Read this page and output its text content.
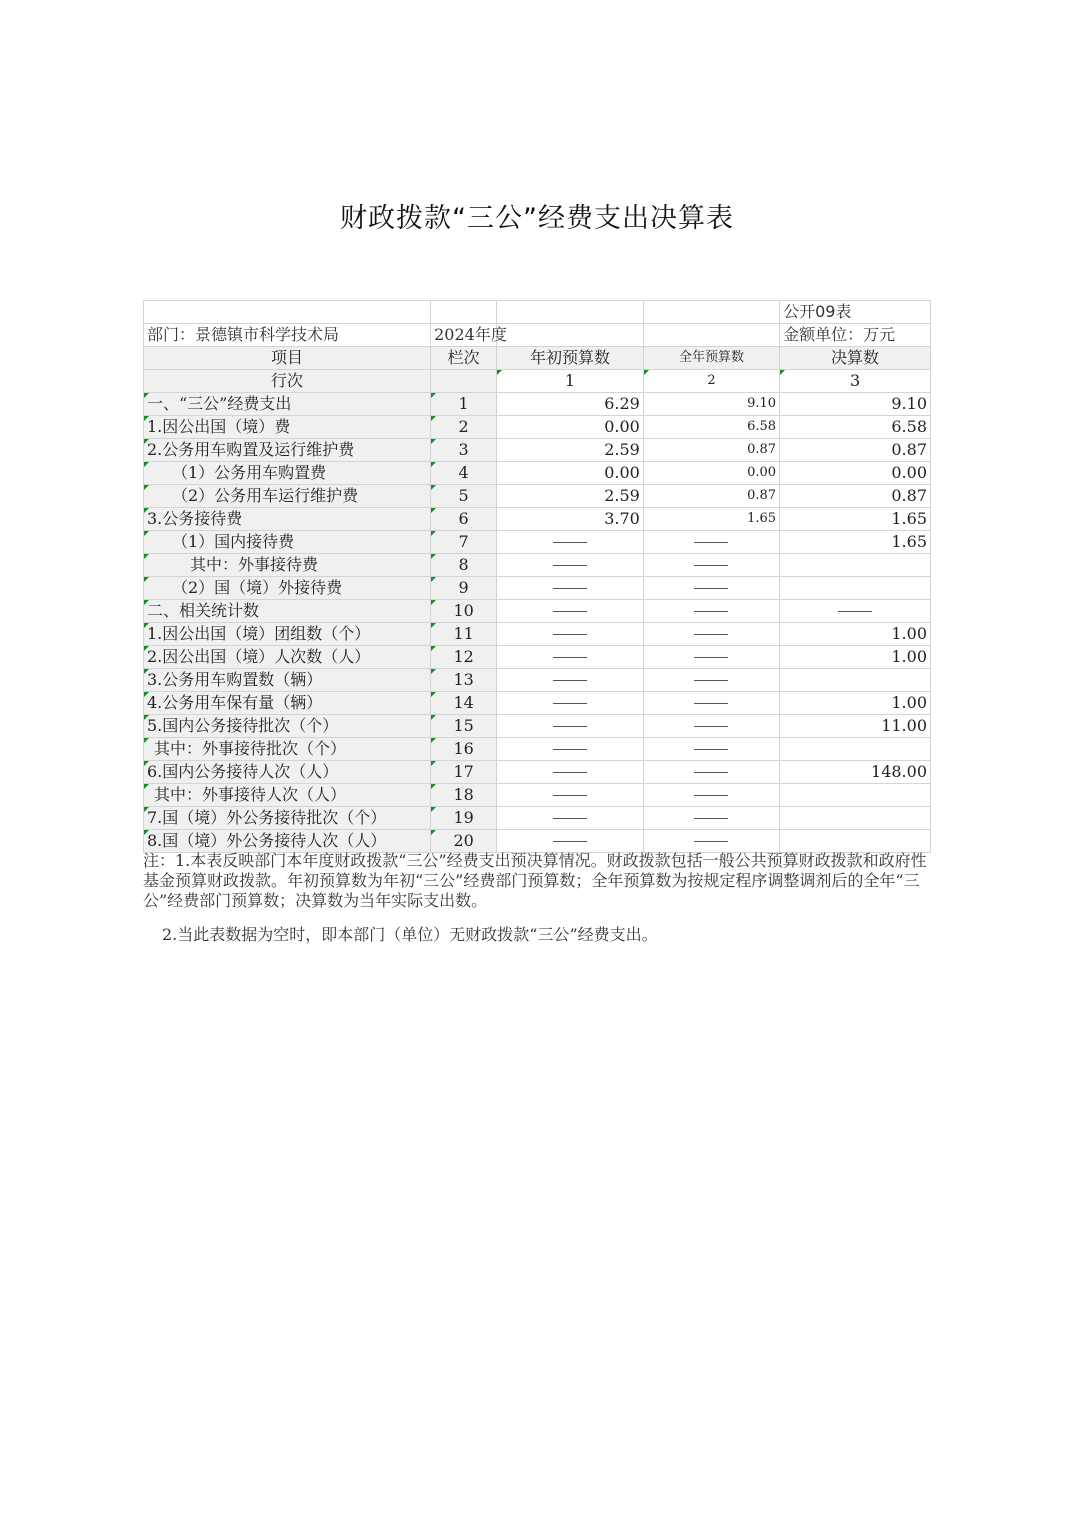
财政拨款“三公”经费支出决算表
				公开09表
部门：景德镇市科学技术局	2024年度			金额单位：万元
项目	栏次	年初预算数	全年预算数	决算数
行次		1	2	3
一、“三公”经费支出	1	6.29	9.10	9.10
1.因公出国（境）费	2	0.00	6.58	6.58
2.公务用车购置及运行维护费	3	2.59	0.87	0.87
（1）公务用车购置费	4	0.00	0.00	0.00
（2）公务用车运行维护费	5	2.59	0.87	0.87
3.公务接待费	6	3.70	1.65	1.65
（1）国内接待费	7			1.65
其中：外事接待费	8			
（2）国（境）外接待费	9			
二、相关统计数	10			
1.因公出国（境）团组数（个）	11			1.00
2.因公出国（境）人次数（人）	12			1.00
3.公务用车购置数（辆）	13			
4.公务用车保有量（辆）	14			1.00
5.国内公务接待批次（个）	15			11.00
其中：外事接待批次（个）	16			
6.国内公务接待人次（人）	17			148.00
其中：外事接待人次（人）	18			
7.国（境）外公务接待批次（个）	19			
8.国（境）外公务接待人次（人）	20			
注：1.本表反映部门本年度财政拨款“三公”经费支出预决算情况。财政拨款包括一般公共预算财政拨款和政府性基金预算财政拨款。年初预算数为年初“三公”经费部门预算数；全年预算数为按规定程序调整调剂后的全年“三公”经费部门预算数；决算数为当年实际支出数。
2.当此表数据为空时，即本部门（单位）无财政拨款“三公”经费支出。
